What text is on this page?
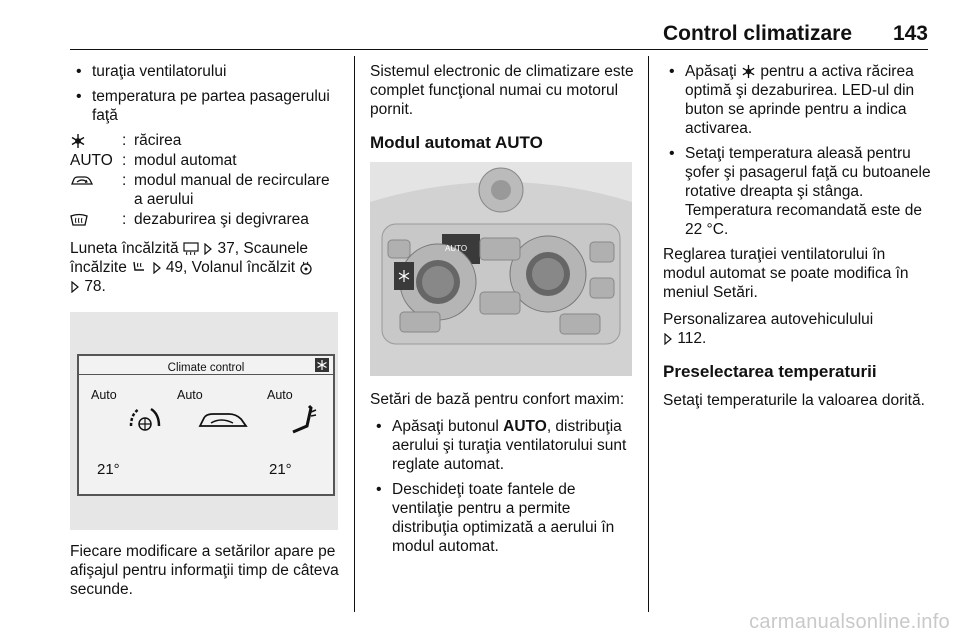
Control climatizare 143
• turaţia ventilatorului
• temperatura pe partea pasagerului faţă
: răcirea
AUTO : modul automat
: modul manual de recirculare a aerului
: dezaburirea şi degivrarea

Luneta încălzită	37, Scaunele încălzite	49, Volanul încălzit
78.

Climate control
Auto	Auto	Auto
21°	21°

Fiecare modificare a setărilor apare pe afişajul pentru informaţii timp de câteva secunde.

Sistemul electronic de climatizare este complet funcţional numai cu motorul pornit.

Modul automat AUTO
AUTO

Setări de bază pentru confort maxim:

• Apăsaţi butonul AUTO, distribuţia aerului şi turaţia ventilatorului sunt reglate automat.
• Deschideţi toate fantele de ventilaţie pentru a permite distribuţia optimizată a aerului în modul automat.
• Apăsaţi pentru a activa răcirea optimă şi dezaburirea. LED-ul din buton se aprinde pentru a indica activarea.
• Setaţi temperatura aleasă pentru şofer şi pasagerul faţă cu butoanele rotative dreapta şi stânga. Temperatura recomandată este de 22 °C.

Reglarea turaţiei ventilatorului în modul automat se poate modifica în meniul Setări.

Personalizarea autovehiculului
112.

Preselectarea temperaturii

Setaţi temperaturile la valoarea dorită.

carmanualsonline.info
